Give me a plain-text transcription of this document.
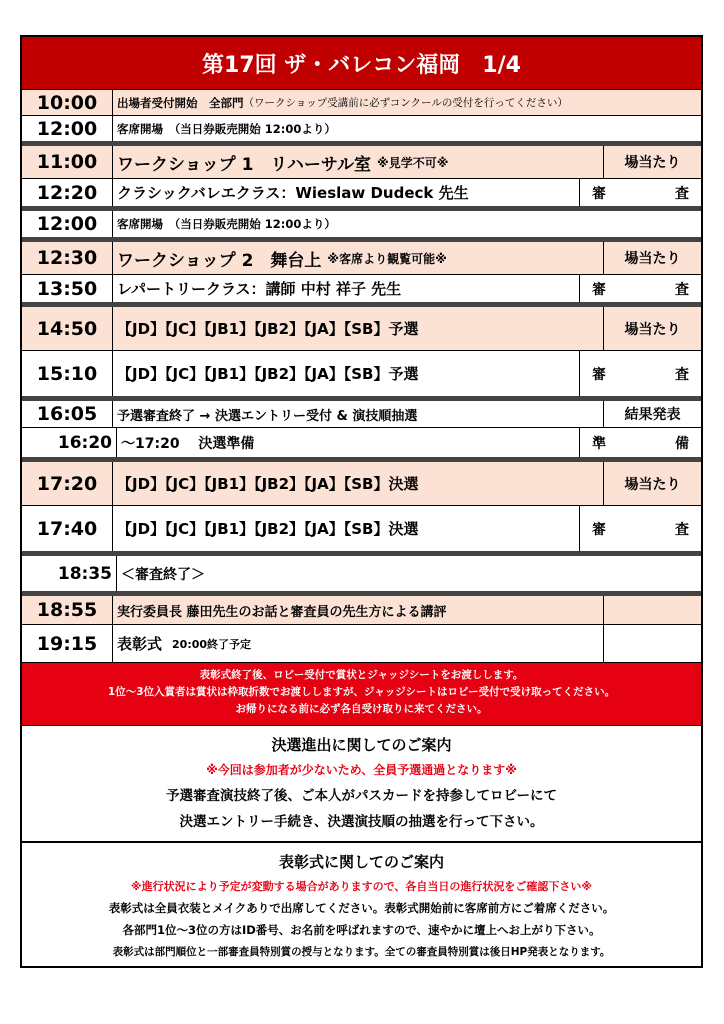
第17回 ザ・バレコン福岡　1/4
10:00	出場者受付開始　全部門 （ワークショップ受講前に必ずコンクールの受付を行ってください）
12:00	客席開場　（当日券販売開始 12:00より）
11:00	ワークショップ 1　リハーサル室 ※見学不可※	場当たり
12:20	クラシックバレエクラス：Wieslaw Dudeck 先生	審	査
12:00	客席開場　（当日券販売開始 12:00より）
12:30	ワークショップ 2　舞台上 ※客席より観覧可能※	場当たり
13:50	レパートリークラス：講師 中村 祥子 先生	審	査
14:50	【JD】【JC】【JB1】【JB2】【JA】【SB】予選	場当たり
15:10	【JD】【JC】【JB1】【JB2】【JA】【SB】予選	審	査
16:05	予選審査終了 → 決選エントリー受付 & 演技順抽選	結果発表
16:20 ～17:20　 決選準備	準	備
17:20	【JD】【JC】【JB1】【JB2】【JA】【SB】決選	場当たり
17:40	【JD】【JC】【JB1】【JB2】【JA】【SB】決選	審	査
18:35 ＜審査終了＞
18:55	実行委員長 藤田先生のお話と審査員の先生方による講評
19:15	表彰式 20:00終了予定
表彰式終了後、ロビー受付で賞状とジャッジシートをお渡しします。
1位～3位入賞者は賞状は枠取折数でお渡ししますが、ジャッジシートはロビー受付で受け取ってください。
お帰りになる前に必ず各自受け取りに来てください。
決選進出に関してのご案内
※今回は参加者が少ないため、全員予選通過となります※
予選審査演技終了後、ご本人がパスカードを持参してロビーにて
決選エントリー手続き、決選演技順の抽選を行って下さい。
表彰式に関してのご案内
※進行状況により予定が変動する場合がありますので、各自当日の進行状況をご確認下さい※
表彰式は全員衣装とメイクありで出席してください。表彰式開始前に客席前方にご着席ください。
各部門1位～3位の方はID番号、お名前を呼ばれますので、速やかに壇上へお上がり下さい。
表彰式は部門順位と一部審査員特別賞の授与となります。全ての審査員特別賞は後日HP発表となります。
